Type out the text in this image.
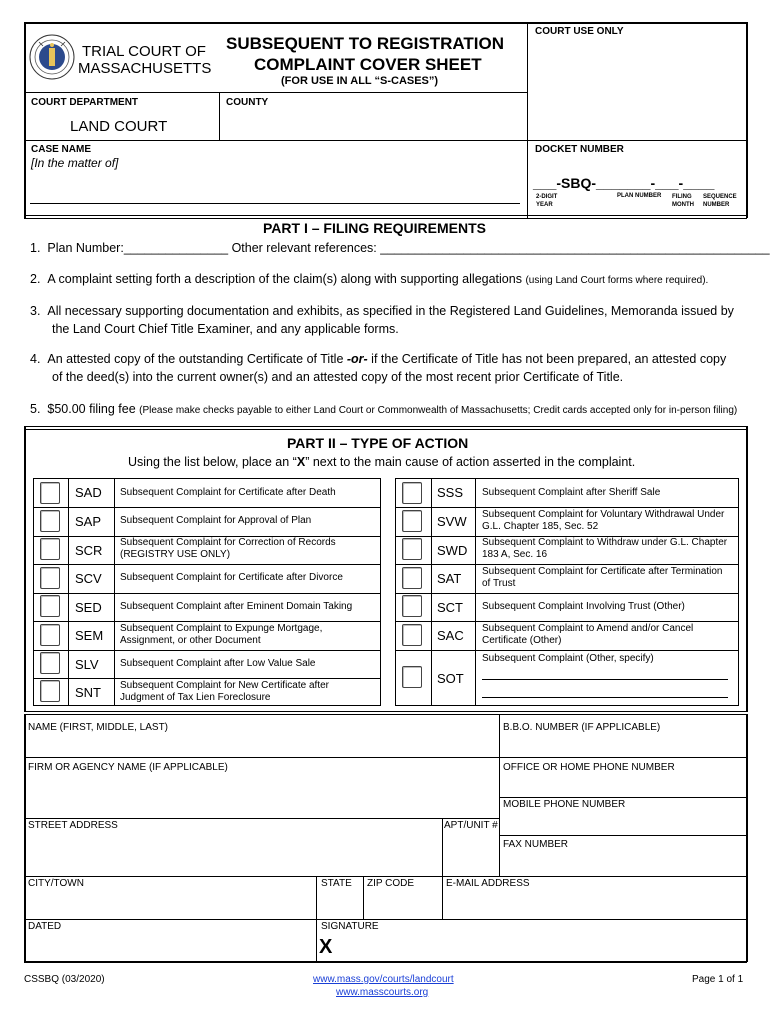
TRIAL COURT OF
MASSACHUSETTS
SUBSEQUENT TO REGISTRATION
COMPLAINT COVER SHEET
(FOR USE IN ALL “S-CASES”)
COURT USE ONLY
COURT DEPARTMENT
LAND COURT
COUNTY
CASE NAME
[In the matter of]
DOCKET NUMBER
___-SBQ-_______-___-____
2-DIGIT YEAR
PLAN NUMBER FILING MONTH
SEQUENCE NUMBER
PART I – FILING REQUIREMENTS
1. Plan Number:_______________ Other relevant references: ________________________________________________________
2. A complaint setting forth a description of the claim(s) along with supporting allegations (using Land Court forms where required).
3. All necessary supporting documentation and exhibits, as specified in the Registered Land Guidelines, Memoranda issued by
the Land Court Chief Title Examiner, and any applicable forms.
4. An attested copy of the outstanding Certificate of Title -or- if the Certificate of Title has not been prepared, an attested copy
of the deed(s) into the current owner(s) and an attested copy of the most recent prior Certificate of Title.
5. $50.00 filing fee (Please make checks payable to either Land Court or Commonwealth of Massachusetts; Credit cards accepted only for in-person filing)
PART II – TYPE OF ACTION
Using the list below, place an “X” next to the main cause of action asserted in the complaint.
SAD Subsequent Complaint for Certificate after Death
SAP Subsequent Complaint for Approval of Plan
SCR
Subsequent Complaint for Correction of Records
(REGISTRY USE ONLY)
SCV Subsequent Complaint for Certificate after Divorce
SED Subsequent Complaint after Eminent Domain Taking
SEM Subsequent Complaint to Expunge Mortgage,
Assignment, or other Document
SLV Subsequent Complaint after Low Value Sale
SNT Subsequent Complaint for New Certificate after
Judgment of Tax Lien Foreclosure
SSS Subsequent Complaint after Sheriff Sale
SVW Subsequent Complaint for Voluntary Withdrawal Under
G.L. Chapter 185, Sec. 52
SWD
Subsequent Complaint to Withdraw under G.L. Chapter
183 A, Sec. 16
SAT Subsequent Complaint for Certificate after Termination
of Trust
SCT Subsequent Complaint Involving Trust (Other)
SAC Subsequent Complaint to Amend and/or Cancel
Certificate (Other)
SOT
Subsequent Complaint (Other, specify)
NAME (FIRST, MIDDLE, LAST)	B.B.O. NUMBER (IF APPLICABLE)
FIRM OR AGENCY NAME (IF APPLICABLE)	OFFICE OR HOME PHONE NUMBER
MOBILE PHONE NUMBER
STREET ADDRESS	APT/UNIT #
FAX NUMBER
CITY/TOWN	STATE ZIP CODE	E-MAIL ADDRESS
DATED	SIGNATURE
X
CSSBQ (03/2020)	www.mass.gov/courts/landcourt
www.masscourts.org
Page 1 of 1
